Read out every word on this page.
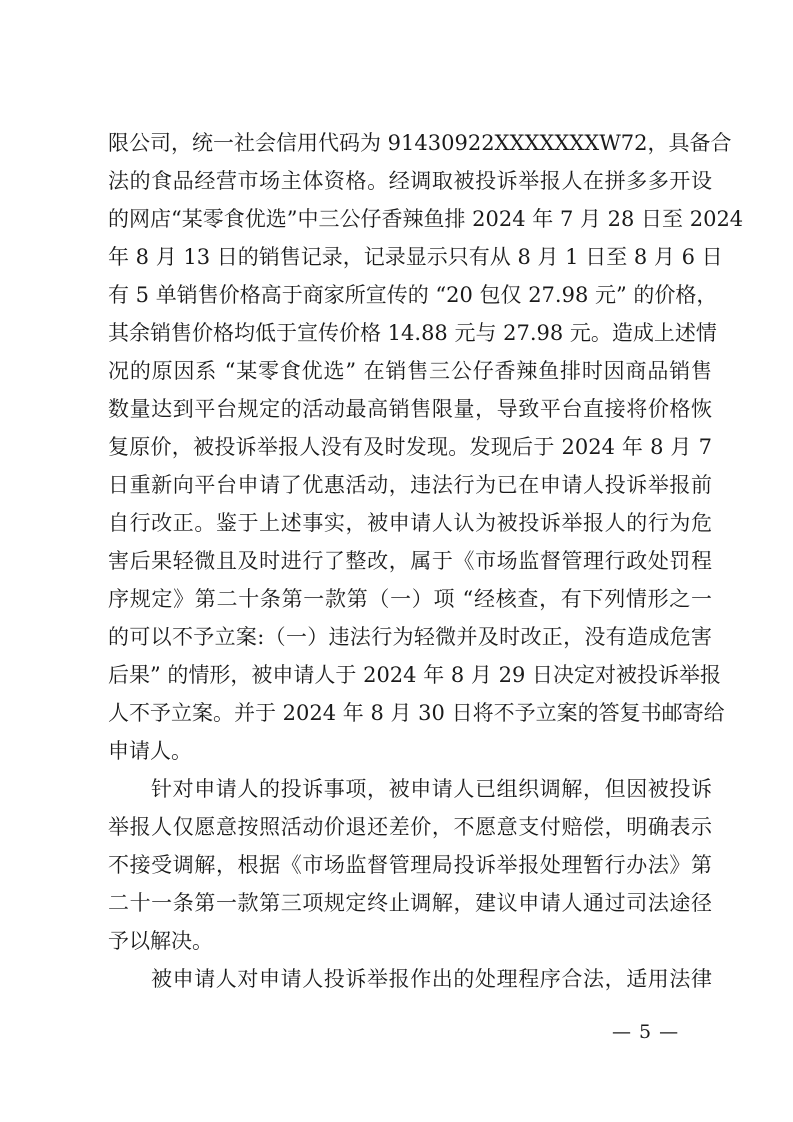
限公司，统一社会信用代码为 91430922XXXXXXXW72，具备合
法的食品经营市场主体资格。经调取被投诉举报人在拼多多开设
的网店“某零食优选”中三公仔香辣鱼排 2024 年 7 月 28 日至 2024
年 8 月 13 日的销售记录，记录显示只有从 8 月 1 日至 8 月 6 日
有 5 单销售价格高于商家所宣传的 “20 包仅 27.98 元” 的价格，
其余销售价格均低于宣传价格 14.88 元与 27.98 元。造成上述情
况的原因系 “某零食优选” 在销售三公仔香辣鱼排时因商品销售
数量达到平台规定的活动最高销售限量，导致平台直接将价格恢
复原价，被投诉举报人没有及时发现。发现后于 2024 年 8 月 7
日重新向平台申请了优惠活动，违法行为已在申请人投诉举报前
自行改正。鉴于上述事实，被申请人认为被投诉举报人的行为危
害后果轻微且及时进行了整改，属于《市场监督管理行政处罚程
序规定》第二十条第一款第（一）项 “经核查，有下列情形之一
的可以不予立案:（一）违法行为轻微并及时改正，没有造成危害
后果” 的情形，被申请人于 2024 年 8 月 29 日决定对被投诉举报
人不予立案。并于 2024 年 8 月 30 日将不予立案的答复书邮寄给
申请人。
针对申请人的投诉事项，被申请人已组织调解，但因被投诉
举报人仅愿意按照活动价退还差价，不愿意支付赔偿，明确表示
不接受调解，根据《市场监督管理局投诉举报处理暂行办法》第
二十一条第一款第三项规定终止调解，建议申请人通过司法途径
予以解决。
被申请人对申请人投诉举报作出的处理程序合法，适用法律
— 5 —
